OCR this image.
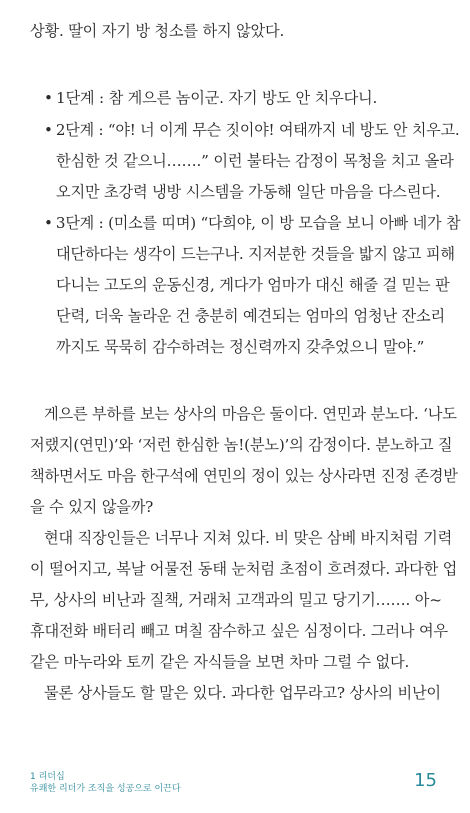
상황. 딸이 자기 방 청소를 하지 않았다.
• 1단계 : 참 게으른 놈이군. 자기 방도 안 치우다니.
• 2단계 : “야! 너 이게 무슨 짓이야! 여태까지 네 방도 안 치우고.
한심한 것 같으니…….” 이런 불타는 감정이 목청을 치고 올라
오지만 초강력 냉방 시스템을 가동해 일단 마음을 다스린다.
• 3단계 : (미소를 띠며) “다희야, 이 방 모습을 보니 아빠 네가 참
대단하다는 생각이 드는구나. 지저분한 것들을 밟지 않고 피해
다니는 고도의 운동신경, 게다가 엄마가 대신 해줄 걸 믿는 판
단력, 더욱 놀라운 건 충분히 예견되는 엄마의 엄청난 잔소리
까지도 묵묵히 감수하려는 정신력까지 갖추었으니 말야.”
게으른 부하를 보는 상사의 마음은 둘이다. 연민과 분노다. ‘나도
저랬지(연민)’와 ‘저런 한심한 놈!(분노)’의 감정이다. 분노하고 질
책하면서도 마음 한구석에 연민의 정이 있는 상사라면 진정 존경받
을 수 있지 않을까?
현대 직장인들은 너무나 지쳐 있다. 비 맞은 삼베 바지처럼 기력
이 떨어지고, 복날 어물전 동태 눈처럼 초점이 흐려졌다. 과다한 업
무, 상사의 비난과 질책, 거래처 고객과의 밀고 당기기……. 아~
휴대전화 배터리 빼고 며칠 잠수하고 싶은 심정이다. 그러나 여우
같은 마누라와 토끼 같은 자식들을 보면 차마 그럴 수 없다.
물론 상사들도 할 말은 있다. 과다한 업무라고? 상사의 비난이
1 리더십
유쾌한 리더가 조직을 성공으로 이끈다	15
